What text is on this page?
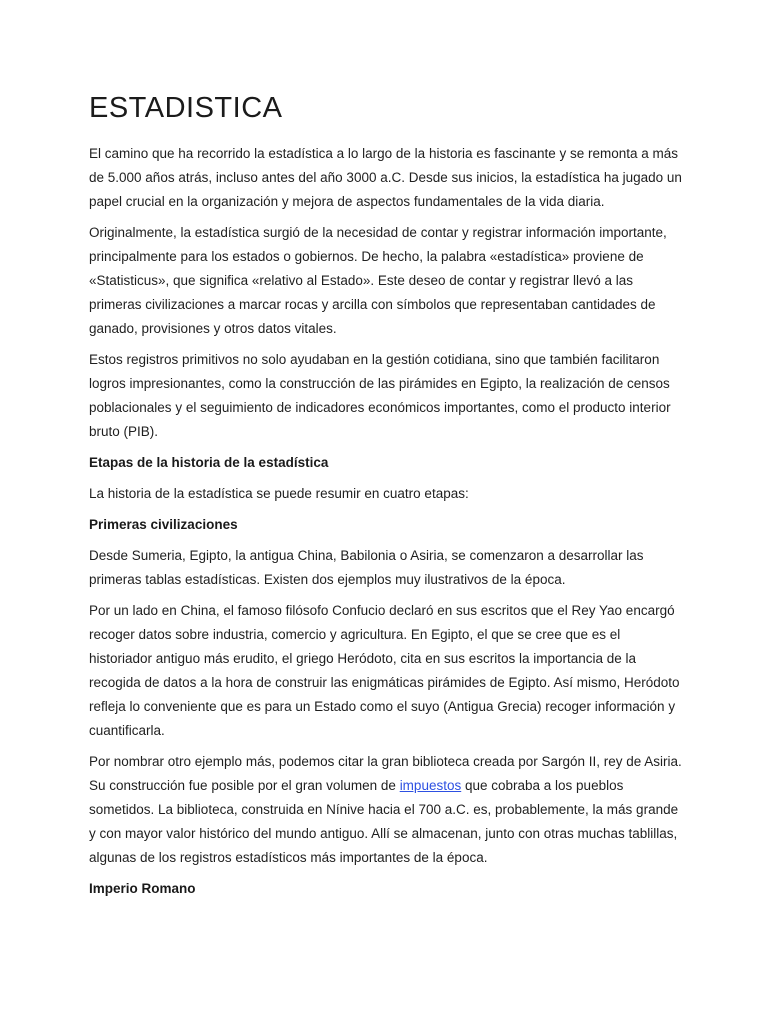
ESTADISTICA

El camino que ha recorrido la estadística a lo largo de la historia es fascinante y se remonta a más de 5.000 años atrás, incluso antes del año 3000 a.C. Desde sus inicios, la estadística ha jugado un papel crucial en la organización y mejora de aspectos fundamentales de la vida diaria.

Originalmente, la estadística surgió de la necesidad de contar y registrar información importante, principalmente para los estados o gobiernos. De hecho, la palabra «estadística» proviene de «Statisticus», que significa «relativo al Estado». Este deseo de contar y registrar llevó a las primeras civilizaciones a marcar rocas y arcilla con símbolos que representaban cantidades de ganado, provisiones y otros datos vitales.

Estos registros primitivos no solo ayudaban en la gestión cotidiana, sino que también facilitaron logros impresionantes, como la construcción de las pirámides en Egipto, la realización de censos poblacionales y el seguimiento de indicadores económicos importantes, como el producto interior bruto (PIB).

Etapas de la historia de la estadística

La historia de la estadística se puede resumir en cuatro etapas:

Primeras civilizaciones

Desde Sumeria, Egipto, la antigua China, Babilonia o Asiria, se comenzaron a desarrollar las primeras tablas estadísticas. Existen dos ejemplos muy ilustrativos de la época.

Por un lado en China, el famoso filósofo Confucio declaró en sus escritos que el Rey Yao encargó recoger datos sobre industria, comercio y agricultura. En Egipto, el que se cree que es el historiador antiguo más erudito, el griego Heródoto, cita en sus escritos la importancia de la recogida de datos a la hora de construir las enigmáticas pirámides de Egipto. Así mismo, Heródoto refleja lo conveniente que es para un Estado como el suyo (Antigua Grecia) recoger información y cuantificarla.

Por nombrar otro ejemplo más, podemos citar la gran biblioteca creada por Sargón II, rey de Asiria. Su construcción fue posible por el gran volumen de impuestos que cobraba a los pueblos sometidos. La biblioteca, construida en Nínive hacia el 700 a.C. es, probablemente, la más grande y con mayor valor histórico del mundo antiguo. Allí se almacenan, junto con otras muchas tablillas, algunas de los registros estadísticos más importantes de la época.

Imperio Romano
